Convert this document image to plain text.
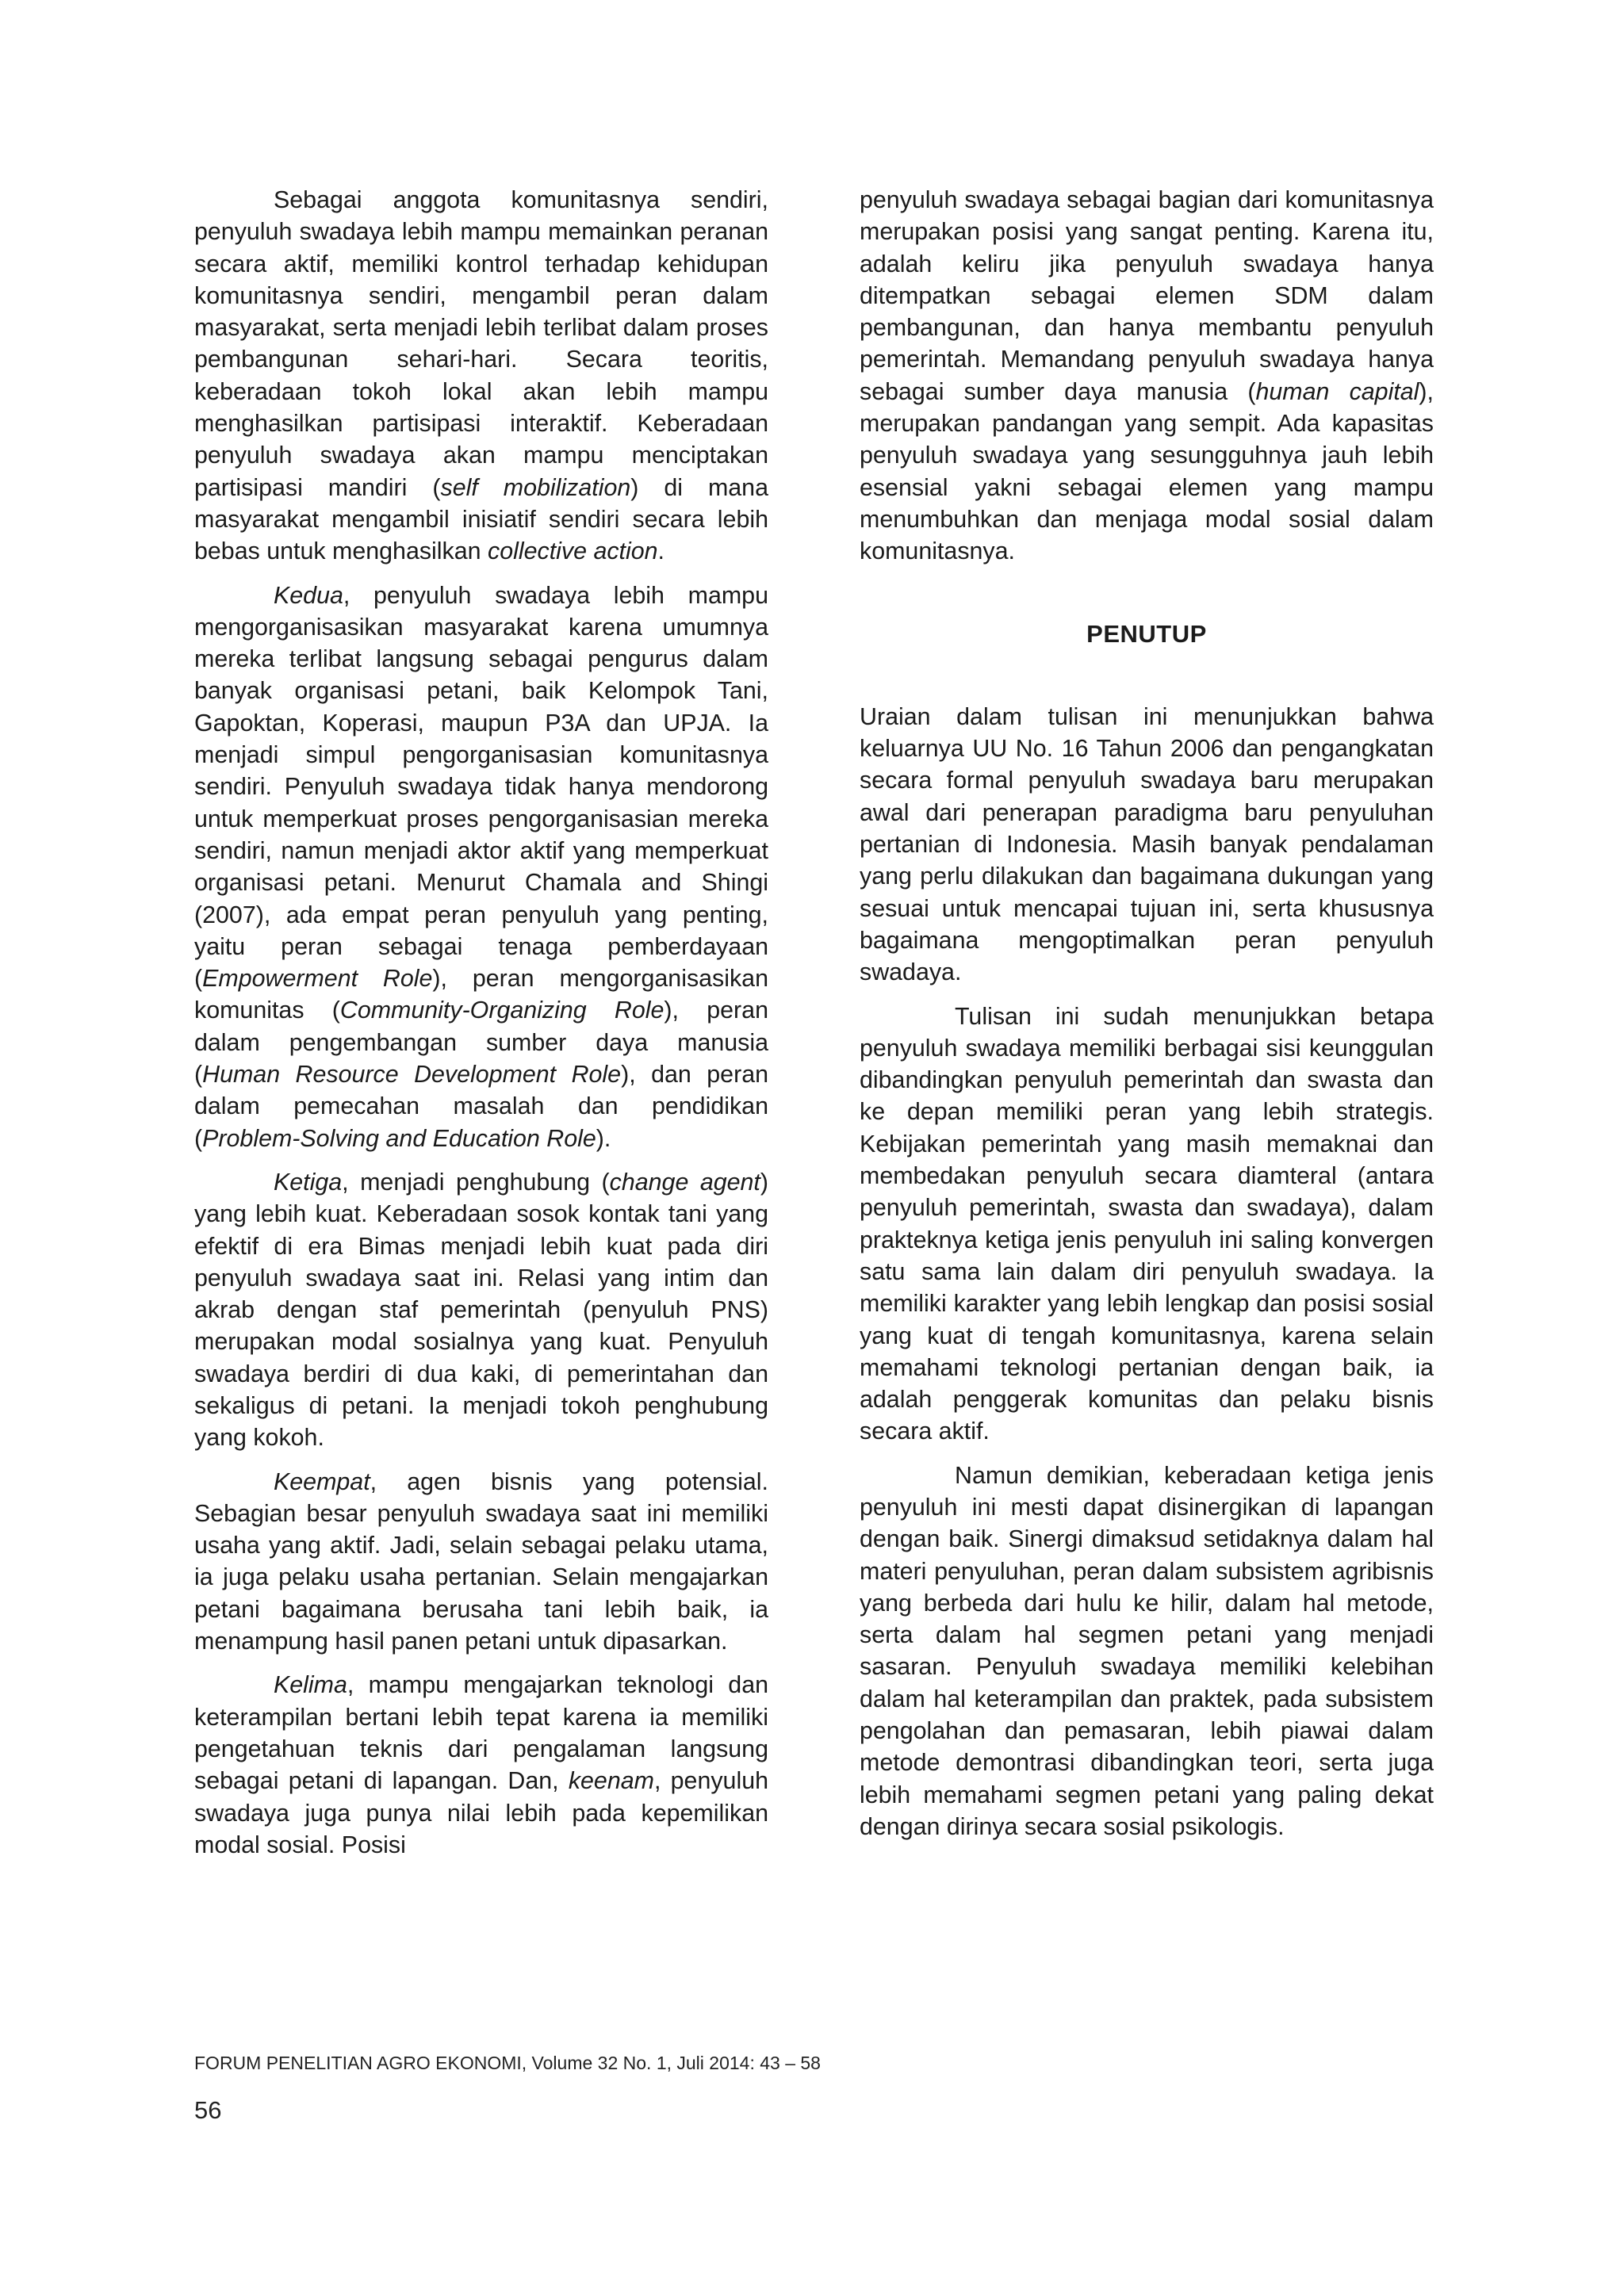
Sebagai anggota komunitasnya sendiri, penyuluh swadaya lebih mampu memainkan peranan secara aktif, memiliki kontrol terhadap kehidupan komunitasnya sendiri, mengambil peran dalam masyarakat, serta menjadi lebih terlibat dalam proses pembangunan sehari-hari. Secara teoritis, keberadaan tokoh lokal akan lebih mampu menghasilkan partisipasi interaktif. Keberadaan penyuluh swadaya akan mampu menciptakan partisipasi mandiri (self mobilization) di mana masyarakat mengambil inisiatif sendiri secara lebih bebas untuk menghasilkan collective action.

Kedua, penyuluh swadaya lebih mampu mengorganisasikan masyarakat karena umumnya mereka terlibat langsung sebagai pengurus dalam banyak organisasi petani, baik Kelompok Tani, Gapoktan, Koperasi, maupun P3A dan UPJA. Ia menjadi simpul pengorganisasian komunitasnya sendiri. Penyuluh swadaya tidak hanya mendorong untuk memperkuat proses pengorganisasian mereka sendiri, namun menjadi aktor aktif yang memperkuat organisasi petani. Menurut Chamala and Shingi (2007), ada empat peran penyuluh yang penting, yaitu peran sebagai tenaga pemberdayaan (Empowerment Role), peran mengorganisasikan komunitas (Community-Organizing Role), peran dalam pengembangan sumber daya manusia (Human Resource Development Role), dan peran dalam pemecahan masalah dan pendidikan (Problem-Solving and Education Role).

Ketiga, menjadi penghubung (change agent) yang lebih kuat. Keberadaan sosok kontak tani yang efektif di era Bimas menjadi lebih kuat pada diri penyuluh swadaya saat ini. Relasi yang intim dan akrab dengan staf pemerintah (penyuluh PNS) merupakan modal sosialnya yang kuat. Penyuluh swadaya berdiri di dua kaki, di pemerintahan dan sekaligus di petani. Ia menjadi tokoh penghubung yang kokoh.

Keempat, agen bisnis yang potensial. Sebagian besar penyuluh swadaya saat ini memiliki usaha yang aktif. Jadi, selain sebagai pelaku utama, ia juga pelaku usaha pertanian. Selain mengajarkan petani bagaimana berusaha tani lebih baik, ia menampung hasil panen petani untuk dipasarkan.

Kelima, mampu mengajarkan teknologi dan keterampilan bertani lebih tepat karena ia memiliki pengetahuan teknis dari pengalaman langsung sebagai petani di lapangan. Dan, keenam, penyuluh swadaya juga punya nilai lebih pada kepemilikan modal sosial. Posisi

penyuluh swadaya sebagai bagian dari komunitasnya merupakan posisi yang sangat penting. Karena itu, adalah keliru jika penyuluh swadaya hanya ditempatkan sebagai elemen SDM dalam pembangunan, dan hanya membantu penyuluh pemerintah. Memandang penyuluh swadaya hanya sebagai sumber daya manusia (human capital), merupakan pandangan yang sempit. Ada kapasitas penyuluh swadaya yang sesungguhnya jauh lebih esensial yakni sebagai elemen yang mampu menumbuhkan dan menjaga modal sosial dalam komunitasnya.

PENUTUP

Uraian dalam tulisan ini menunjukkan bahwa keluarnya UU No. 16 Tahun 2006 dan pengangkatan secara formal penyuluh swadaya baru merupakan awal dari penerapan paradigma baru penyuluhan pertanian di Indonesia. Masih banyak pendalaman yang perlu dilakukan dan bagaimana dukungan yang sesuai untuk mencapai tujuan ini, serta khususnya bagaimana mengoptimalkan peran penyuluh swadaya.

Tulisan ini sudah menunjukkan betapa penyuluh swadaya memiliki berbagai sisi keunggulan dibandingkan penyuluh pemerintah dan swasta dan ke depan memiliki peran yang lebih strategis. Kebijakan pemerintah yang masih memaknai dan membedakan penyuluh secara diamteral (antara penyuluh pemerintah, swasta dan swadaya), dalam prakteknya ketiga jenis penyuluh ini saling konvergen satu sama lain dalam diri penyuluh swadaya. Ia memiliki karakter yang lebih lengkap dan posisi sosial yang kuat di tengah komunitasnya, karena selain memahami teknologi pertanian dengan baik, ia adalah penggerak komunitas dan pelaku bisnis secara aktif.

Namun demikian, keberadaan ketiga jenis penyuluh ini mesti dapat disinergikan di lapangan dengan baik. Sinergi dimaksud setidaknya dalam hal materi penyuluhan, peran dalam subsistem agribisnis yang berbeda dari hulu ke hilir, dalam hal metode, serta dalam hal segmen petani yang menjadi sasaran. Penyuluh swadaya memiliki kelebihan dalam hal keterampilan dan praktek, pada subsistem pengolahan dan pemasaran, lebih piawai dalam metode demontrasi dibandingkan teori, serta juga lebih memahami segmen petani yang paling dekat dengan dirinya secara sosial psikologis.

FORUM PENELITIAN AGRO EKONOMI, Volume 32 No. 1, Juli 2014: 43 – 58
56
